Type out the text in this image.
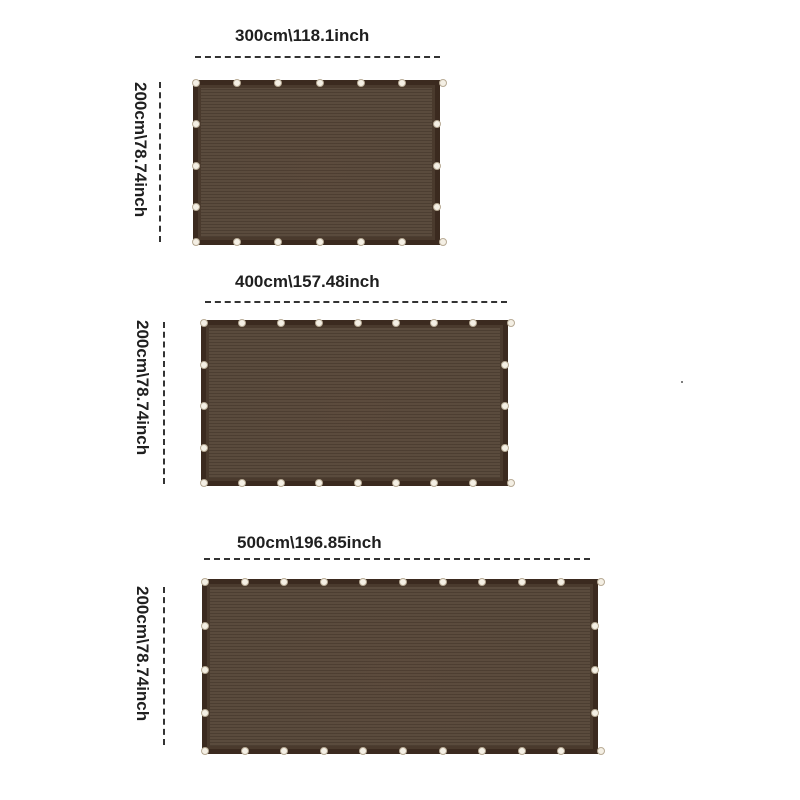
300cm\118.1inch
200cm\78.74inch
400cm\157.48inch
200cm\78.74inch
500cm\196.85inch
200cm\78.74inch
